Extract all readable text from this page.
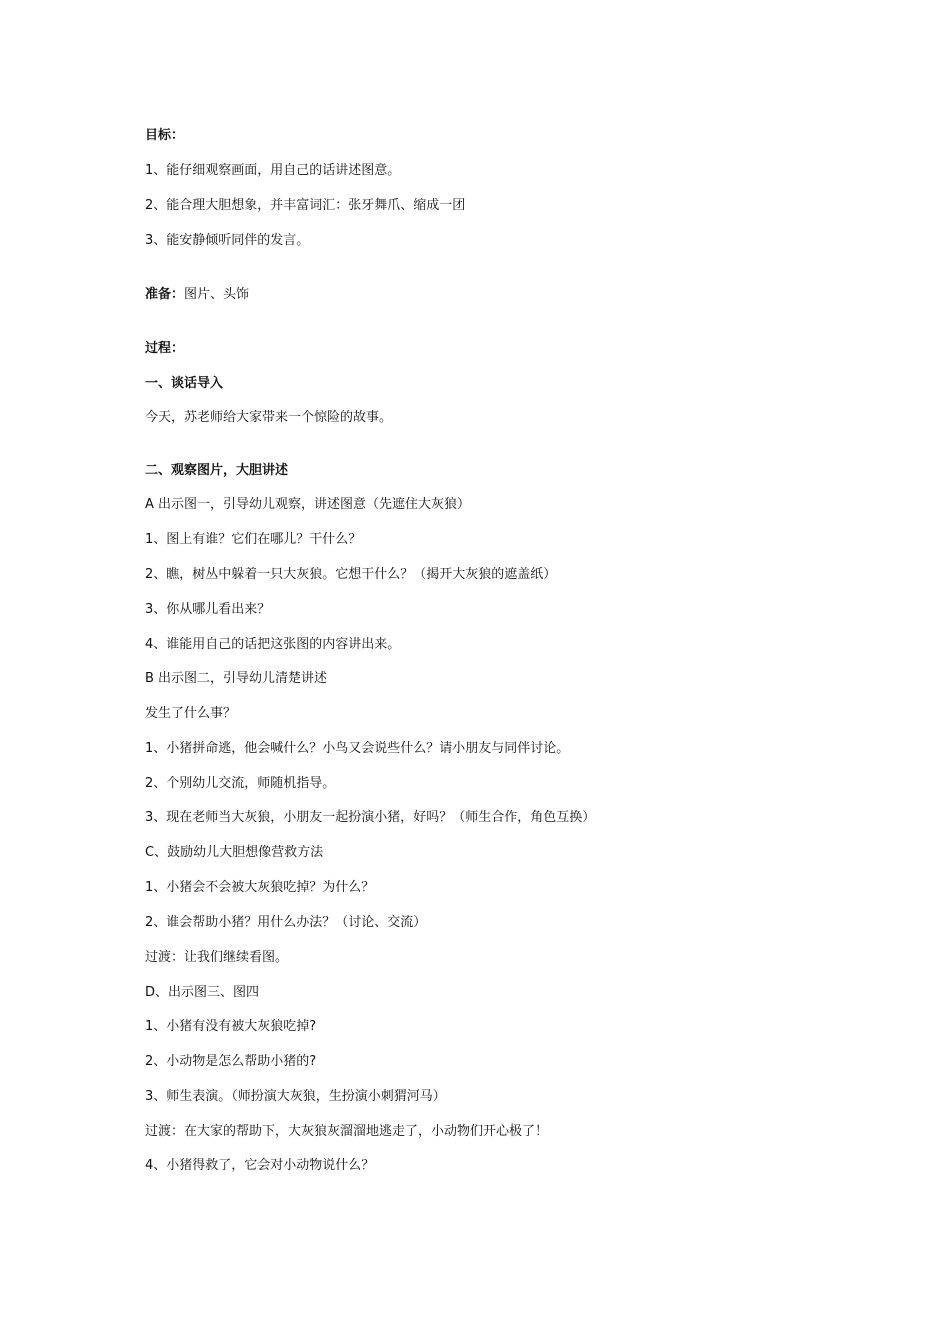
目标：

1、能仔细观察画面，用自己的话讲述图意。

2、能合理大胆想象，并丰富词汇：张牙舞爪、缩成一团

3、能安静倾听同伴的发言。

准备：图片、头饰

过程：

一、谈话导入

今天，苏老师给大家带来一个惊险的故事。

二、观察图片，大胆讲述

A 出示图一，引导幼儿观察，讲述图意（先遮住大灰狼）

1、图上有谁？它们在哪儿？干什么？

2、瞧，树丛中躲着一只大灰狼。它想干什么？（揭开大灰狼的遮盖纸）

3、你从哪儿看出来？

4、谁能用自己的话把这张图的内容讲出来。

B 出示图二，引导幼儿清楚讲述

发生了什么事？

1、小猪拼命逃，他会喊什么？小鸟又会说些什么？请小朋友与同伴讨论。

2、个别幼儿交流，师随机指导。

3、现在老师当大灰狼，小朋友一起扮演小猪，好吗？（师生合作，角色互换）

C、鼓励幼儿大胆想像营救方法

1、小猪会不会被大灰狼吃掉？为什么？

2、谁会帮助小猪？用什么办法？（讨论、交流）

过渡：让我们继续看图。

D、出示图三、图四

1、小猪有没有被大灰狼吃掉?

2、小动物是怎么帮助小猪的?

3、师生表演。（师扮演大灰狼，生扮演小刺猬河马）

过渡：在大家的帮助下，大灰狼灰溜溜地逃走了，小动物们开心极了！

4、小猪得救了，它会对小动物说什么？
